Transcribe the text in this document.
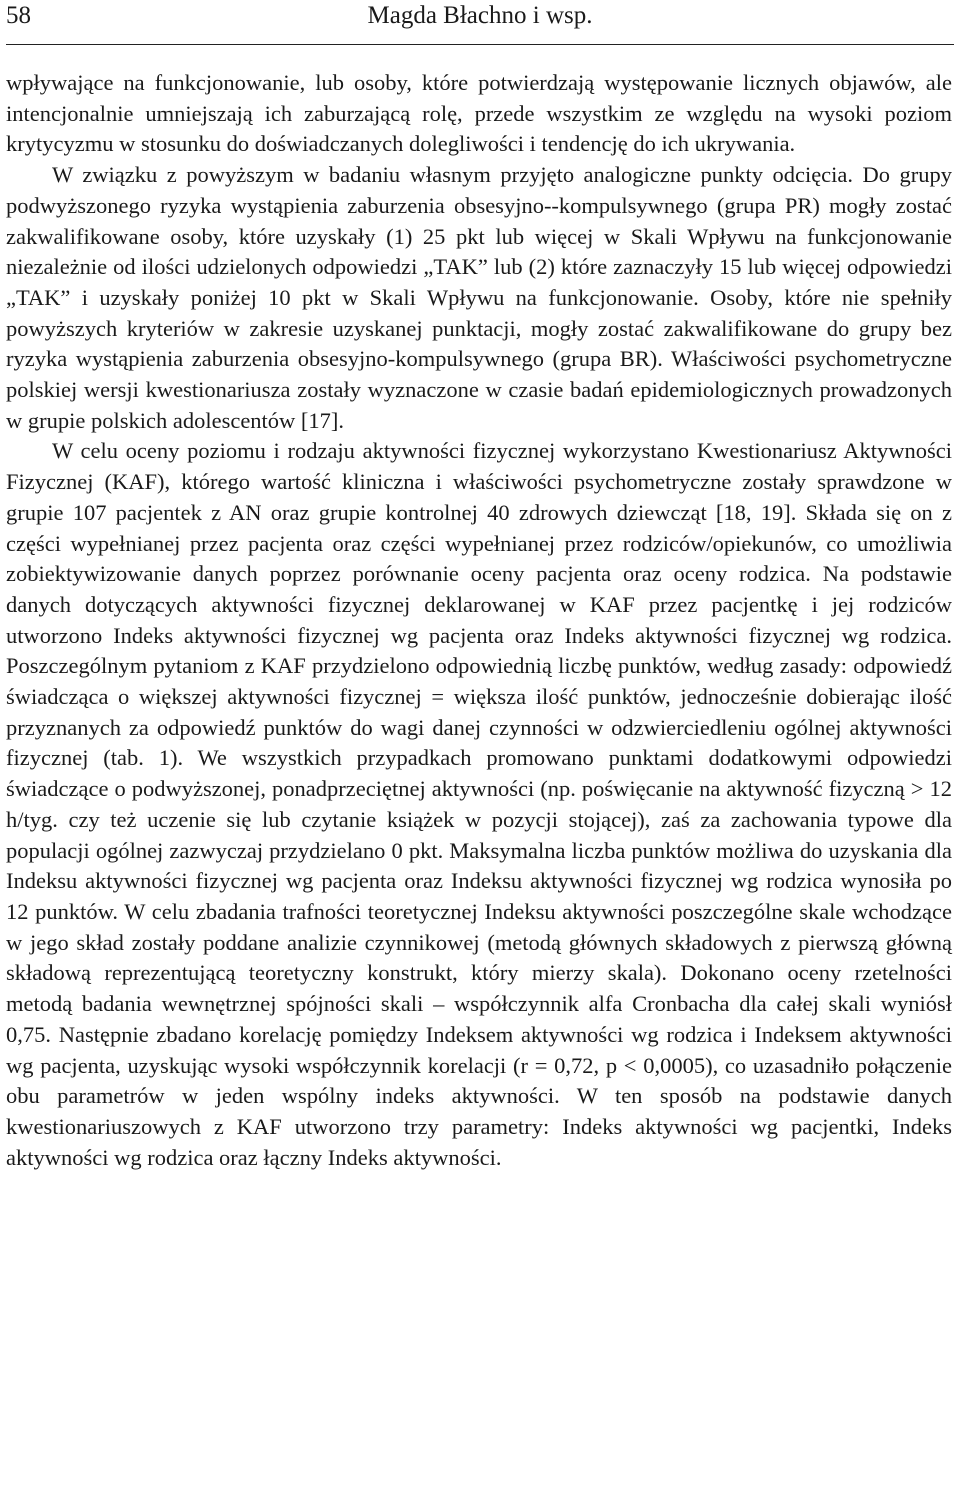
58	Magda Błachno i wsp.

wpływające na funkcjonowanie, lub osoby, które potwierdzają występowanie licznych objawów, ale intencjonalnie umniejszają ich zaburzającą rolę, przede wszystkim ze względu na wysoki poziom krytycyzmu w stosunku do doświadczanych dolegliwości i tendencję do ich ukrywania.

W związku z powyższym w badaniu własnym przyjęto analogiczne punkty odcięcia. Do grupy podwyższonego ryzyka wystąpienia zaburzenia obsesyjno--kompulsywnego (grupa PR) mogły zostać zakwalifikowane osoby, które uzyskały (1) 25 pkt lub więcej w Skali Wpływu na funkcjonowanie niezależnie od ilości udzielonych odpowiedzi „TAK” lub (2) które zaznaczyły 15 lub więcej odpowiedzi „TAK” i uzyskały poniżej 10 pkt w Skali Wpływu na funkcjonowanie. Osoby, które nie spełniły powyższych kryteriów w zakresie uzyskanej punktacji, mogły zostać zakwalifikowane do grupy bez ryzyka wystąpienia zaburzenia obsesyjno-kompulsywnego (grupa BR). Właściwości psychometryczne polskiej wersji kwestionariusza zostały wyznaczone w czasie badań epidemiologicznych prowadzonych w grupie polskich adolescentów [17].

W celu oceny poziomu i rodzaju aktywności fizycznej wykorzystano Kwestionariusz Aktywności Fizycznej (KAF), którego wartość kliniczna i właściwości psychometryczne zostały sprawdzone w grupie 107 pacjentek z AN oraz grupie kontrolnej 40 zdrowych dziewcząt [18, 19]. Składa się on z części wypełnianej przez pacjenta oraz części wypełnianej przez rodziców/opiekunów, co umożliwia zobiektywizowanie danych poprzez porównanie oceny pacjenta oraz oceny rodzica. Na podstawie danych dotyczących aktywności fizycznej deklarowanej w KAF przez pacjentkę i jej rodziców utworzono Indeks aktywności fizycznej wg pacjenta oraz Indeks aktywności fizycznej wg rodzica. Poszczególnym pytaniom z KAF przydzielono odpowiednią liczbę punktów, według zasady: odpowiedź świadcząca o większej aktywności fizycznej = większa ilość punktów, jednocześnie dobierając ilość przyznanych za odpowiedź punktów do wagi danej czynności w odzwierciedleniu ogólnej aktywności fizycznej (tab. 1). We wszystkich przypadkach promowano punktami dodatkowymi odpowiedzi świadczące o podwyższonej, ponadprzeciętnej aktywności (np. poświęcanie na aktywność fizyczną > 12 h/tyg. czy też uczenie się lub czytanie książek w pozycji stojącej), zaś za zachowania typowe dla populacji ogólnej zazwyczaj przydzielano 0 pkt. Maksymalna liczba punktów możliwa do uzyskania dla Indeksu aktywności fizycznej wg pacjenta oraz Indeksu aktywności fizycznej wg rodzica wynosiła po 12 punktów. W celu zbadania trafności teoretycznej Indeksu aktywności poszczególne skale wchodzące w jego skład zostały poddane analizie czynnikowej (metodą głównych składowych z pierwszą główną składową reprezentującą teoretyczny konstrukt, który mierzy skala). Dokonano oceny rzetelności metodą badania wewnętrznej spójności skali – współczynnik alfa Cronbacha dla całej skali wyniósł 0,75. Następnie zbadano korelację pomiędzy Indeksem aktywności wg rodzica i Indeksem aktywności wg pacjenta, uzyskując wysoki współczynnik korelacji (r = 0,72, p < 0,0005), co uzasadniło połączenie obu parametrów w jeden wspólny indeks aktywności. W ten sposób na podstawie danych kwestionariuszowych z KAF utworzono trzy parametry: Indeks aktywności wg pacjentki, Indeks aktywności wg rodzica oraz łączny Indeks aktywności.
